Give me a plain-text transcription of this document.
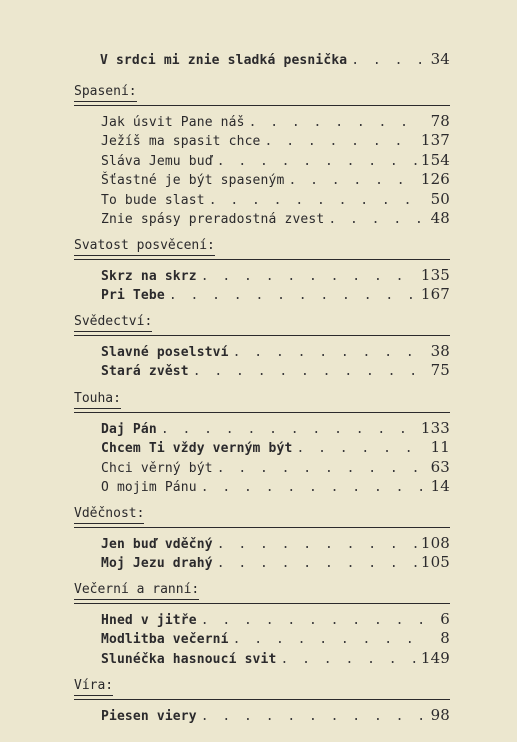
V srdci mi znie sladká pesnička . . .	34
Spasení:
Jak úsvit Pane náš . . .	78
Ježíš ma spasit chce . . .	137
Sláva Jemu buď . . .	154
Šťastné je být spaseným . . .	126
To bude slast . . .	50
Znie spásy preradostná zvest . . .	48
Svatost posvěcení:
Skrz na skrz . . .	135
Pri Tebe . . .	167
Svědectví:
Slavné poselství . . .	38
Stará zvěst . . .	75
Touha:
Daj Pán . . .	133
Chcem Ti vždy verným být . . .	11
Chci věrný být . . .	63
O mojim Pánu . . .	14
Vděčnost:
Jen buď vděčný . . .	108
Moj Jezu drahý . . .	105
Večerní a ranní:
Hned v jitře . . .	6
Modlitba večerní . . .	8
Slunéčka hasnoucí svit . . .	149
Víra:
Piesen viery . . .	98
